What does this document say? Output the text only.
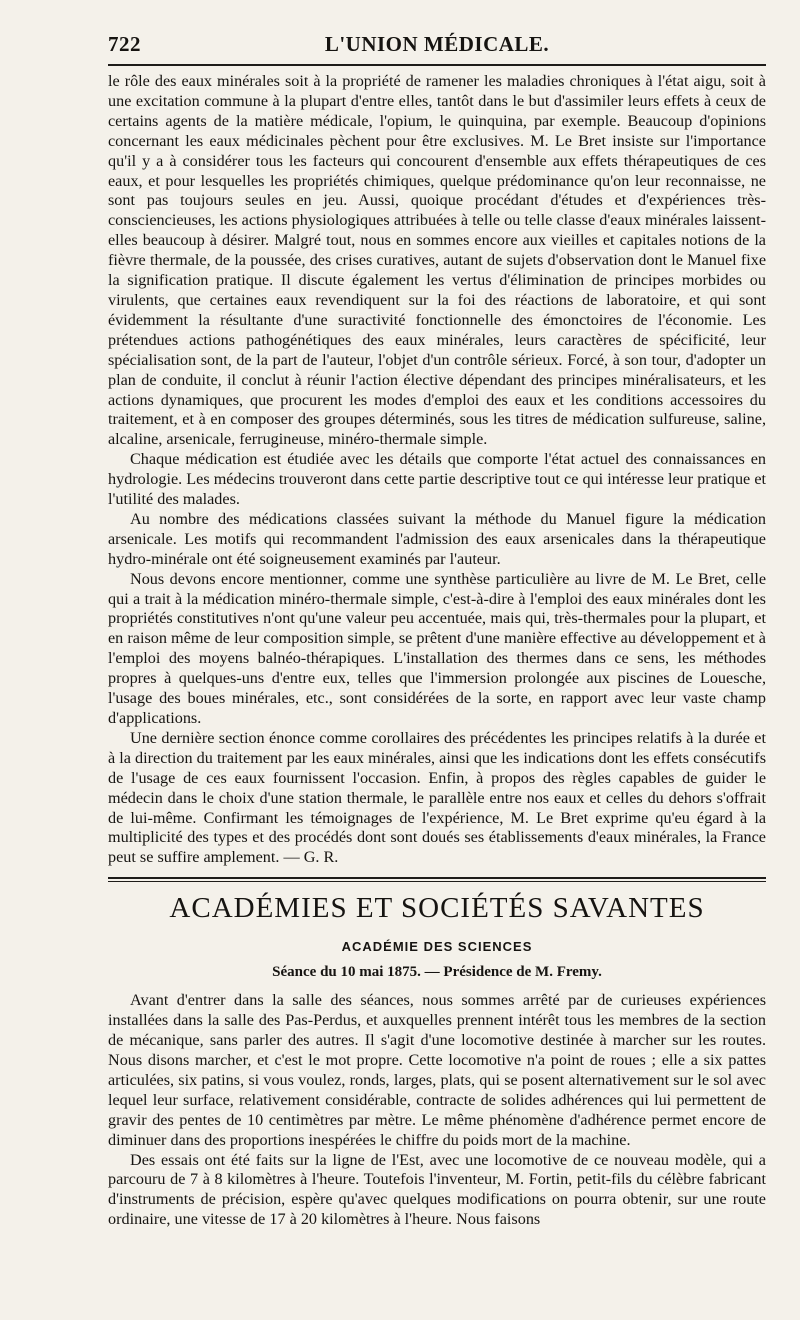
722	L'UNION MÉDICALE.

le rôle des eaux minérales soit à la propriété de ramener les maladies chroniques à l'état aigu, soit à une excitation commune à la plupart d'entre elles, tantôt dans le but d'assimiler leurs effets à ceux de certains agents de la matière médicale, l'opium, le quinquina, par exemple. Beaucoup d'opinions concernant les eaux médicinales pèchent pour être exclusives. M. Le Bret insiste sur l'importance qu'il y a à considérer tous les facteurs qui concourent d'ensemble aux effets thérapeutiques de ces eaux, et pour lesquelles les propriétés chimiques, quelque prédominance qu'on leur reconnaisse, ne sont pas toujours seules en jeu. Aussi, quoique procédant d'études et d'expériences très-consciencieuses, les actions physiologiques attribuées à telle ou telle classe d'eaux minérales laissent-elles beaucoup à désirer. Malgré tout, nous en sommes encore aux vieilles et capitales notions de la fièvre thermale, de la poussée, des crises curatives, autant de sujets d'observation dont le Manuel fixe la signification pratique. Il discute également les vertus d'élimination de principes morbides ou virulents, que certaines eaux revendiquent sur la foi des réactions de laboratoire, et qui sont évidemment la résultante d'une suractivité fonctionnelle des émonctoires de l'économie. Les prétendues actions pathogénétiques des eaux minérales, leurs caractères de spécificité, leur spécialisation sont, de la part de l'auteur, l'objet d'un contrôle sérieux. Forcé, à son tour, d'adopter un plan de conduite, il conclut à réunir l'action élective dépendant des principes minéralisateurs, et les actions dynamiques, que procurent les modes d'emploi des eaux et les conditions accessoires du traitement, et à en composer des groupes déterminés, sous les titres de médication sulfureuse, saline, alcaline, arsenicale, ferrugineuse, minéro-thermale simple.

Chaque médication est étudiée avec les détails que comporte l'état actuel des connaissances en hydrologie. Les médecins trouveront dans cette partie descriptive tout ce qui intéresse leur pratique et l'utilité des malades.

Au nombre des médications classées suivant la méthode du Manuel figure la médication arsenicale. Les motifs qui recommandent l'admission des eaux arsenicales dans la thérapeutique hydro-minérale ont été soigneusement examinés par l'auteur.

Nous devons encore mentionner, comme une synthèse particulière au livre de M. Le Bret, celle qui a trait à la médication minéro-thermale simple, c'est-à-dire à l'emploi des eaux minérales dont les propriétés constitutives n'ont qu'une valeur peu accentuée, mais qui, très-thermales pour la plupart, et en raison même de leur composition simple, se prêtent d'une manière effective au développement et à l'emploi des moyens balnéo-thérapiques. L'installation des thermes dans ce sens, les méthodes propres à quelques-uns d'entre eux, telles que l'immersion prolongée aux piscines de Louesche, l'usage des boues minérales, etc., sont considérées de la sorte, en rapport avec leur vaste champ d'applications.

Une dernière section énonce comme corollaires des précédentes les principes relatifs à la durée et à la direction du traitement par les eaux minérales, ainsi que les indications dont les effets consécutifs de l'usage de ces eaux fournissent l'occasion. Enfin, à propos des règles capables de guider le médecin dans le choix d'une station thermale, le parallèle entre nos eaux et celles du dehors s'offrait de lui-même. Confirmant les témoignages de l'expérience, M. Le Bret exprime qu'eu égard à la multiplicité des types et des procédés dont sont doués ses établissements d'eaux minérales, la France peut se suffire amplement. — G. R.

ACADÉMIES ET SOCIÉTÉS SAVANTES
ACADÉMIE DES SCIENCES
Séance du 10 mai 1875. — Présidence de M. Fremy.

Avant d'entrer dans la salle des séances, nous sommes arrêté par de curieuses expériences installées dans la salle des Pas-Perdus, et auxquelles prennent intérêt tous les membres de la section de mécanique, sans parler des autres. Il s'agit d'une locomotive destinée à marcher sur les routes. Nous disons marcher, et c'est le mot propre. Cette locomotive n'a point de roues ; elle a six pattes articulées, six patins, si vous voulez, ronds, larges, plats, qui se posent alternativement sur le sol avec lequel leur surface, relativement considérable, contracte de solides adhérences qui lui permettent de gravir des pentes de 10 centimètres par mètre. Le même phénomène d'adhérence permet encore de diminuer dans des proportions inespérées le chiffre du poids mort de la machine.

Des essais ont été faits sur la ligne de l'Est, avec une locomotive de ce nouveau modèle, qui a parcouru de 7 à 8 kilomètres à l'heure. Toutefois l'inventeur, M. Fortin, petit-fils du célèbre fabricant d'instruments de précision, espère qu'avec quelques modifications on pourra obtenir, sur une route ordinaire, une vitesse de 17 à 20 kilomètres à l'heure. Nous faisons
